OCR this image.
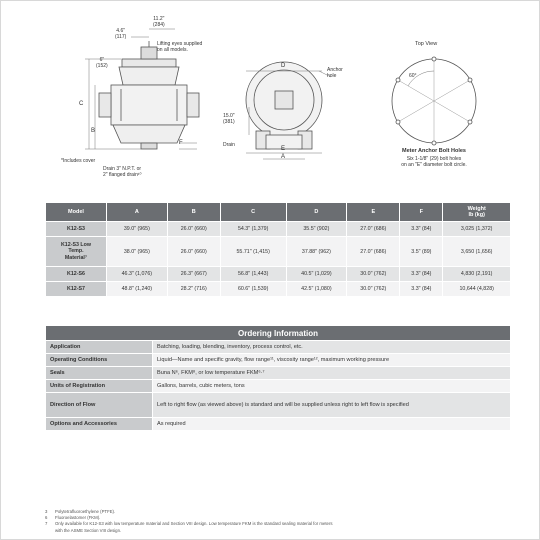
11.2"
(284)
4.6"
(117)
Lifting eyes supplied
on all models.
6"
(152)
C
B
F
*Includes cover
Drain 3" N.P.T. or
2" flanged drain¹⁰
D
Anchor
hole
15.0"
(381)
E
A
Drain
Top View
60°
Meter Anchor Bolt Holes
Six 1-1/8" (29) bolt holes
on an "E" diameter bolt circle.
Model	A	B	C	D	E	F	Weight
lb (kg)
K12-S3	39.0" (965)	26.0" (660)	54.3" (1,379)	35.5" (902)	27.0" (686)	3.3" (84)	3,025 (1,372)
K12-S3 Low
Temp.
Material⁷	38.0" (965)	26.0" (660)	55.71" (1,415)	37.88" (962)	27.0" (686)	3.5" (89)	3,650 (1,656)
K12-S6	46.3" (1,076)	26.3" (667)	56.8" (1,443)	40.5" (1,029)	30.0" (762)	3.3" (84)	4,830 (2,191)
K12-S7	48.8" (1,240)	28.2" (716)	60.6" (1,539)	42.5" (1,080)	30.0" (762)	3.3" (84)	10,644 (4,828)
Ordering Information	
Application	Batching, loading, blending, inventory, process control, etc.
Operating Conditions	Liquid—Name and specific gravity, flow range¹¹, viscosity range¹², maximum working pressure
Seals	Buna N⁶, FKM⁸, or low temperature FKM⁶·⁷
Units of Registration	Gallons, barrels, cubic meters, tons
Direction of Flow	Left to right flow (as viewed above) is standard and will be supplied unless right to left flow is specified
Options and Accessories	As required
3 Polytetrafluoroethylene (PTFE).
6 Fluoroelastomer (FKM).
7 Only available for K12-S3 with low temperature material and Section VIII design. Low temperature FKM is the standard sealing material for meters
with the ASME Section VIII design.
